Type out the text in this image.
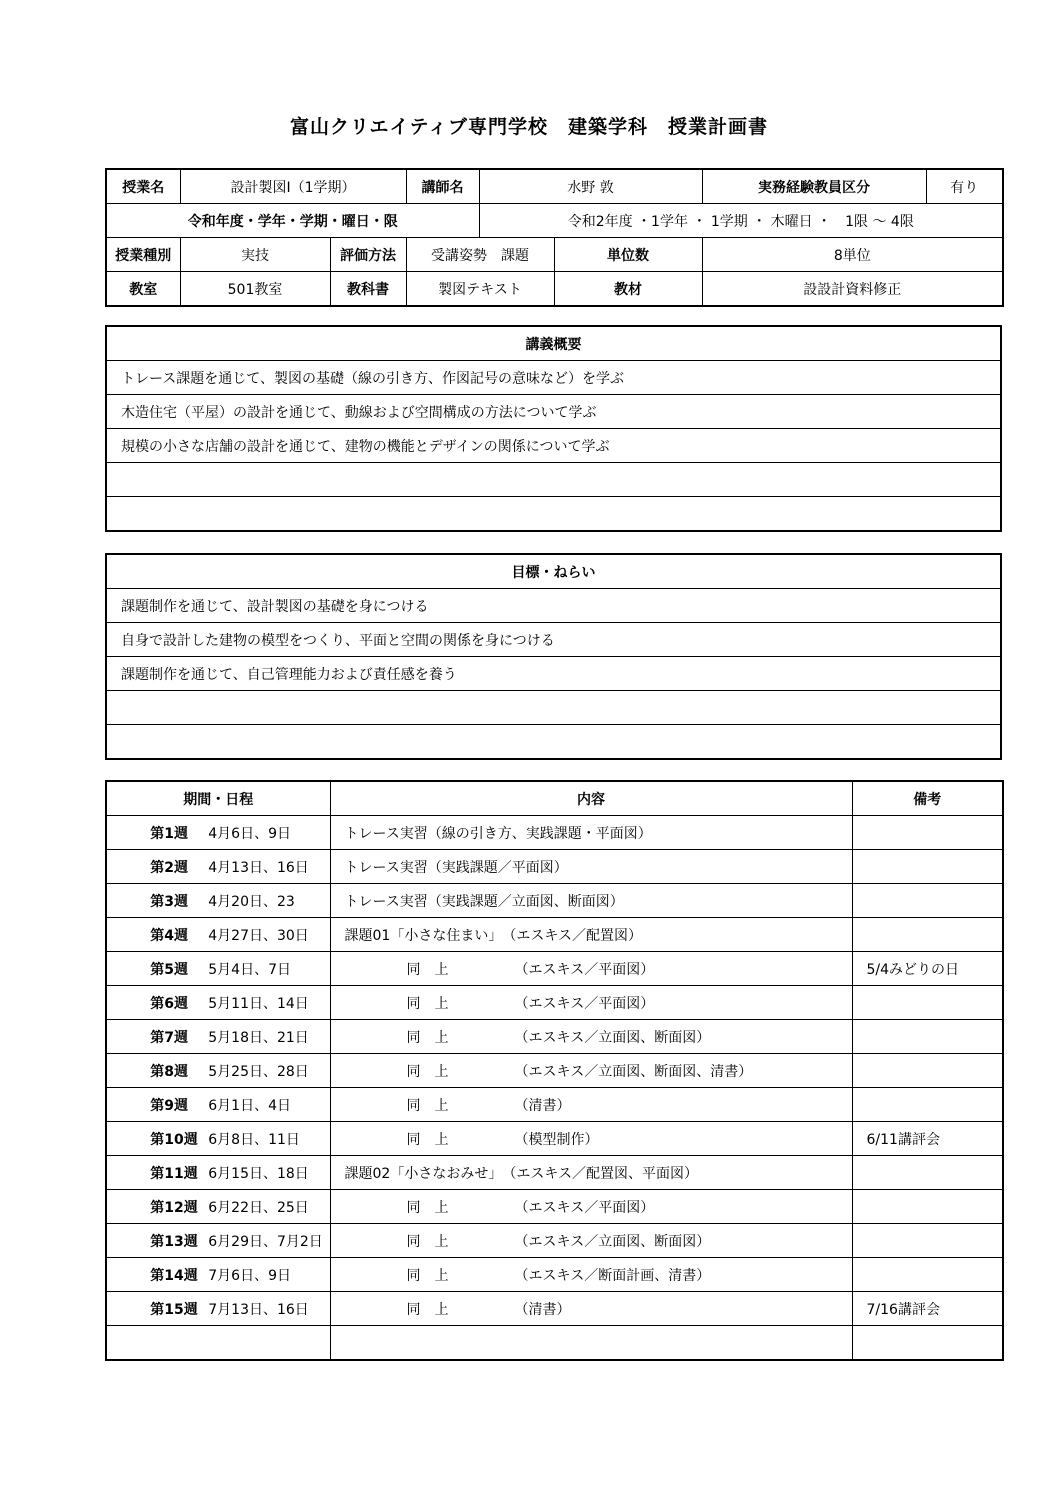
富山クリエイティブ専門学校　建築学科　授業計画書
授業名	設計製図Ⅰ（1学期）		講師名	水野 敦		実務経験教員区分	有り
令和年度・学年・学期・曜日・限				令和2年度 ・1学年 ・ 1学期 ・ 木曜日 ・　1限 ～ 4限			
授業種別	実技	評価方法	受講姿勢　課題		単位数	8単位	
教室	501教室	教科書	製図テキスト		教材	設設計資料修正	
講義概要
トレース課題を通じて、製図の基礎（線の引き方、作図記号の意味など）を学ぶ
木造住宅（平屋）の設計を通じて、動線および空間構成の方法について学ぶ
規模の小さな店舗の設計を通じて、建物の機能とデザインの関係について学ぶ

目標・ねらい
課題制作を通じて、設計製図の基礎を身につける
自身で設計した建物の模型をつくり、平面と空間の関係を身につける
課題制作を通じて、自己管理能力および責任感を養う

期間・日程	内容	備考
第1週 4月6日、9日	トレース実習（線の引き方、実践課題・平面図）	
第2週 4月13日、16日	トレース実習（実践課題／平面図）	
第3週 4月20日、23	トレース実習（実践課題／立面図、断面図）	
第4週 4月27日、30日	課題01「小さな住まい」　（エスキス／配置図）	
第5週 5月4日、7日	同　上 （エスキス／平面図）	5/4みどりの日
第6週 5月11日、14日	同　上 （エスキス／平面図）	
第7週 5月18日、21日	同　上 （エスキス／立面図、断面図）	
第8週 5月25日、28日	同　上 （エスキス／立面図、断面図、清書）	
第9週 6月1日、4日	同　上 （清書）	
第10週 6月8日、11日	同　上 （模型制作）	6/11講評会
第11週 6月15日、18日	課題02「小さなおみせ」　（エスキス／配置図、平面図）	
第12週 6月22日、25日	同　上 （エスキス／平面図）	
第13週 6月29日、7月2日	同　上 （エスキス／立面図、断面図）	
第14週 7月6日、9日	同　上 （エスキス／断面計画、清書）	
第15週 7月13日、16日	同　上 （清書）	7/16講評会
